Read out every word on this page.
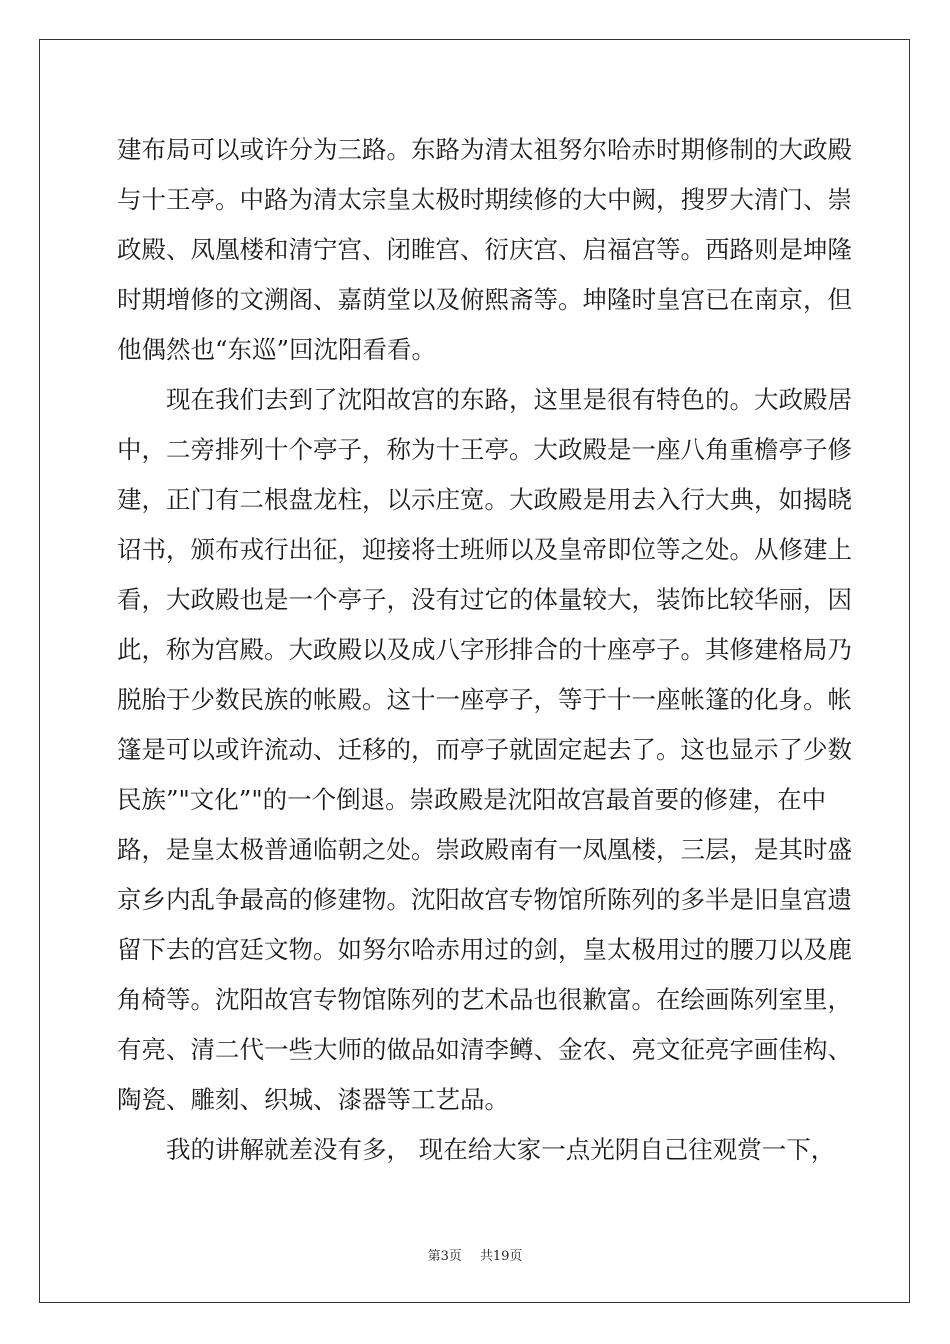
建布局可以或许分为三路。东路为清太祖努尔哈赤时期修制的大政殿

与十王亭。中路为清太宗皇太极时期续修的大中阙，搜罗大清门、崇

政殿、凤凰楼和清宁宫、闭睢宫、衍庆宫、启福宫等。西路则是坤隆

时期增修的文溯阁、嘉荫堂以及俯熙斋等。坤隆时皇宫已在南京，但

他偶然也“东巡”回沈阳看看。

现在我们去到了沈阳故宫的东路，这里是很有特色的。大政殿居

中，二旁排列十个亭子，称为十王亭。大政殿是一座八角重檐亭子修

建，正门有二根盘龙柱，以示庄宽。大政殿是用去入行大典，如揭晓

诏书，颁布戎行出征，迎接将士班师以及皇帝即位等之处。从修建上

看，大政殿也是一个亭子，没有过它的体量较大，装饰比较华丽，因

此，称为宫殿。大政殿以及成八字形排合的十座亭子。其修建格局乃

脱胎于少数民族的帐殿。这十一座亭子，等于十一座帐篷的化身。帐

篷是可以或许流动、迁移的，而亭子就固定起去了。这也显示了少数

民族”"文化”"的一个倒退。崇政殿是沈阳故宫最首要的修建，在中

路，是皇太极普通临朝之处。崇政殿南有一凤凰楼，三层，是其时盛

京乡内乱争最高的修建物。沈阳故宫专物馆所陈列的多半是旧皇宫遗

留下去的宫廷文物。如努尔哈赤用过的剑，皇太极用过的腰刀以及鹿

角椅等。沈阳故宫专物馆陈列的艺术品也很歉富。在绘画陈列室里，

有亮、清二代一些大师的做品如清李鳟、金农、亮文征亮字画佳构、

陶瓷、雕刻、织城、漆器等工艺品。

我的讲解就差没有多， 现在给大家一点光阴自己往观赏一下，

第3页 共19页
